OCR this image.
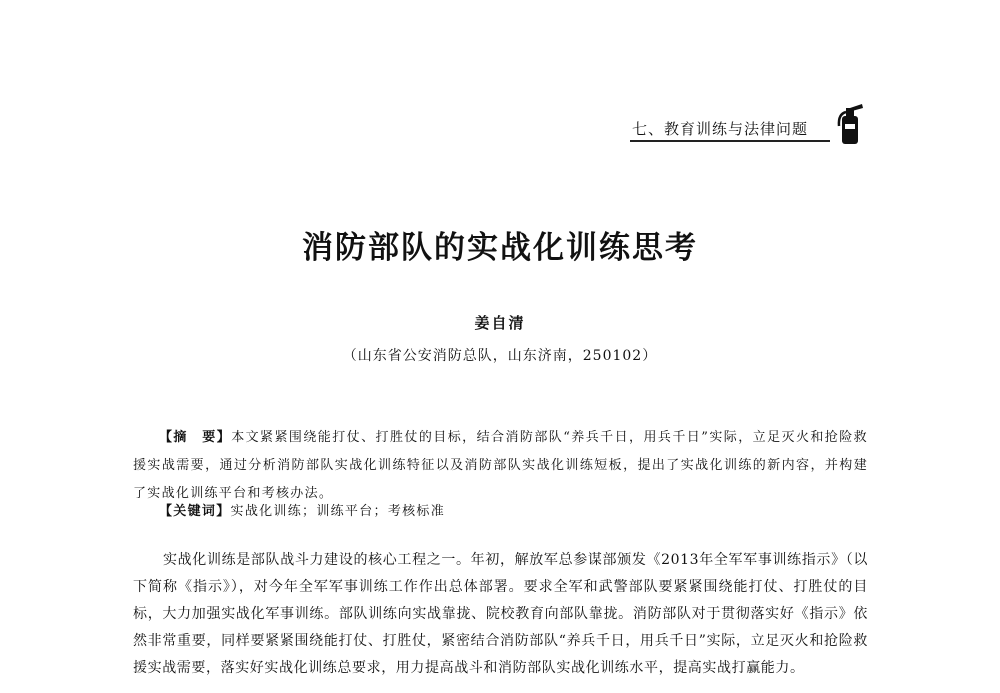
七、教育训练与法律问题
消防部队的实战化训练思考
姜自清
（山东省公安消防总队，山东济南，250102）

【摘　要】本文紧紧围绕能打仗、打胜仗的目标，结合消防部队“养兵千日，用兵千日”实际，立足灭火和抢险救援实战需要，通过分析消防部队实战化训练特征以及消防部队实战化训练短板，提出了实战化训练的新内容，并构建了实战化训练平台和考核办法。

【关键词】实战化训练；训练平台；考核标准

实战化训练是部队战斗力建设的核心工程之一。年初，解放军总参谋部颁发《2013年全军军事训练指示》（以下简称《指示》），对今年全军军事训练工作作出总体部署。要求全军和武警部队要紧紧围绕能打仗、打胜仗的目标，大力加强实战化军事训练。部队训练向实战靠拢、院校教育向部队靠拢。消防部队对于贯彻落实好《指示》依然非常重要，同样要紧紧围绕能打仗、打胜仗，紧密结合消防部队“养兵千日，用兵千日”实际，立足灭火和抢险救援实战需要，落实好实战化训练总要求，用力提高战斗和消防部队实战化训练水平，提高实战打赢能力。
